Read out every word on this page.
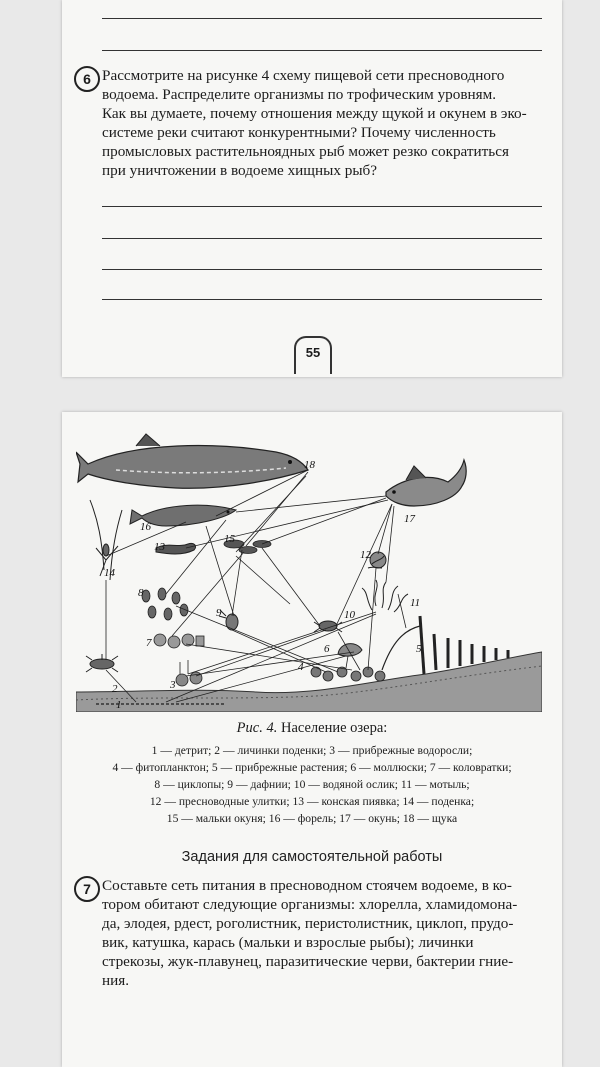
6 Рассмотрите на рисунке 4 схему пищевой сети пресноводного
водоема. Распределите организмы по трофическим уровням.
Как вы думаете, почему отношения между щукой и окунем в эко-
системе реки считают конкурентными? Почему численность
промысловых растительноядных рыб может резко сократиться
при уничтожении в водоеме хищных рыб?
55
1
2	3
4
5
6
7
8
9	10
11
12
13
14
15
16
17
18
Рис. 4. Население озера:
1 — детрит; 2 — личинки поденки; 3 — прибрежные водоросли;
4 — фитопланктон; 5 — прибрежные растения; 6 — моллюски; 7 — коловратки;
8 — циклопы; 9 — дафнии; 10 — водяной ослик; 11 — мотыль;
12 — пресноводные улитки; 13 — конская пиявка; 14 — поденка;
15 — мальки окуня; 16 — форель; 17 — окунь; 18 — щука
Задания для самостоятельной работы
7 Составьте сеть питания в пресноводном стоячем водоеме, в ко-
тором обитают следующие организмы: хлорелла, хламидомона-
да, элодея, рдест, роголистник, перистолистник, циклоп, прудо-
вик, катушка, карась (мальки и взрослые рыбы); личинки
стрекозы, жук-плавунец, паразитические черви, бактерии гние-
ния.
